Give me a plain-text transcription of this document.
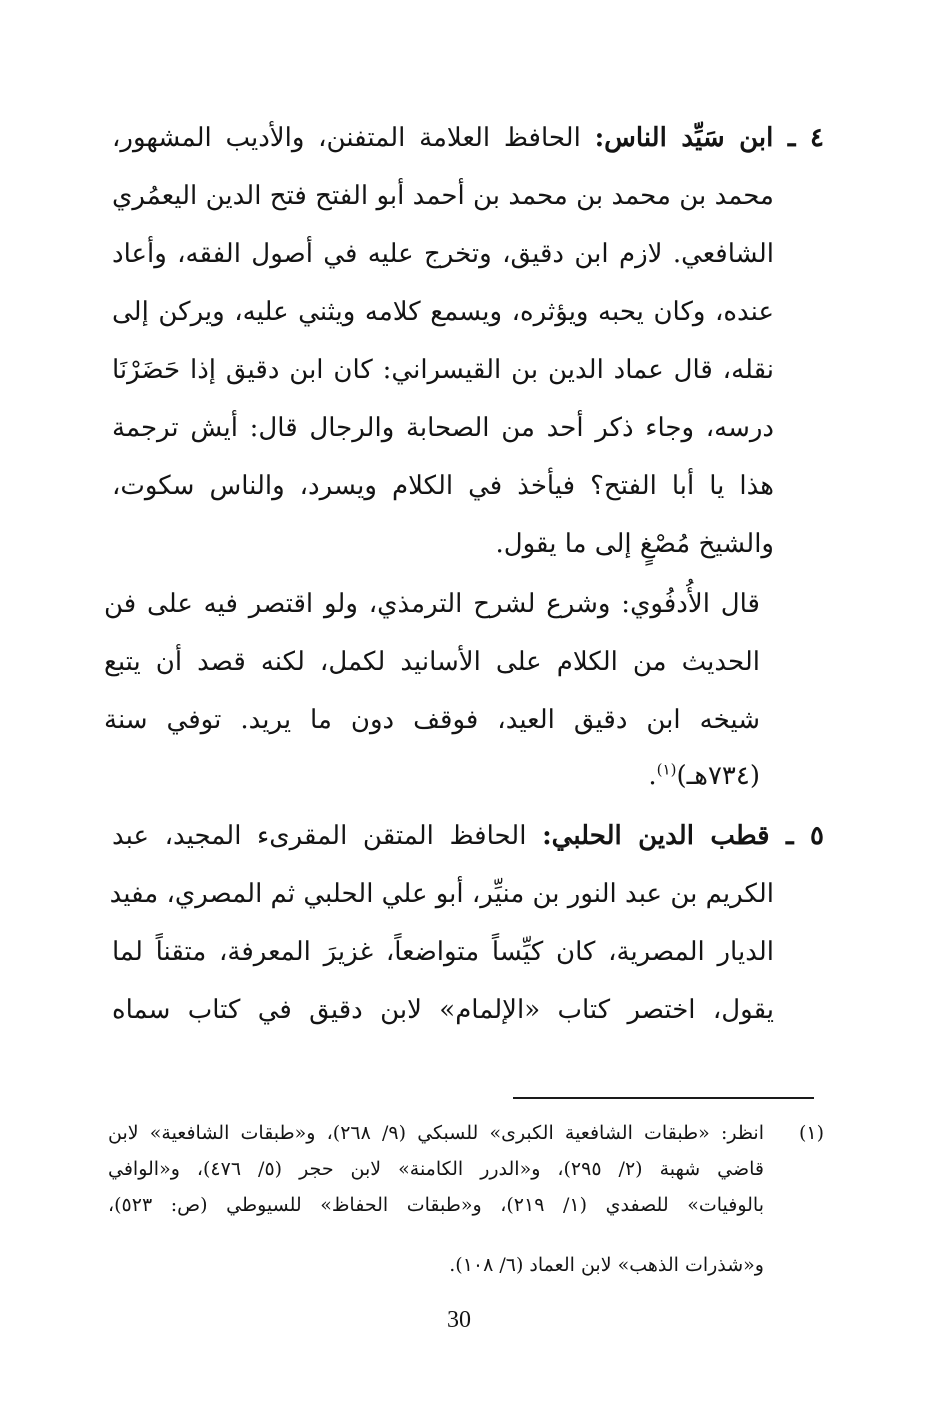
٤ ـ ابن سَيِّد الناس: الحافظ العلامة المتفنن، والأديب المشهور،
محمد بن محمد بن محمد بن أحمد أبو الفتح فتح الدين اليعمُري
الشافعي. لازم ابن دقيق، وتخرج عليه في أصول الفقه، وأعاد
عنده، وكان يحبه ويؤثره، ويسمع كلامه ويثني عليه، ويركن إلى
نقله، قال عماد الدين بن القيسراني: كان ابن دقيق إذا حَضَرْنَا
درسه، وجاء ذكر أحد من الصحابة والرجال قال: أيش ترجمة
هذا يا أبا الفتح؟ فيأخذ في الكلام ويسرد، والناس سكوت،
والشيخ مُصْغٍ إلى ما يقول.
قال الأُدفُوي: وشرع لشرح الترمذي، ولو اقتصر فيه على فن
الحديث من الكلام على الأسانيد لكمل، لكنه قصد أن يتبع
شيخه ابن دقيق العيد، فوقف دون ما يريد. توفي سنة
(٧٣٤هـ)$^{(١)}$.
٥ ـ قطب الدين الحلبي: الحافظ المتقن المقرىء المجيد، عبد
الكريم بن عبد النور بن منيِّر، أبو علي الحلبي ثم المصري، مفيد
الديار المصرية، كان كيِّساً متواضعاً، غزيرَ المعرفة، متقناً لما
يقول، اختصر كتاب «الإلمام» لابن دقيق في كتاب سماه
(١)
انظر: «طبقات الشافعية الكبرى» للسبكي (٩/ ٢٦٨)، و«طبقات الشافعية» لابن
قاضي شهبة (٢/ ٢٩٥)، و«الدرر الكامنة» لابن حجر (٥/ ٤٧٦)، و«الوافي
بالوفيات» للصفدي (١/ ٢١٩)، و«طبقات الحفاظ» للسيوطي (ص: ٥٢٣)،
و«شذرات الذهب» لابن العماد (٦/ ١٠٨).
30
